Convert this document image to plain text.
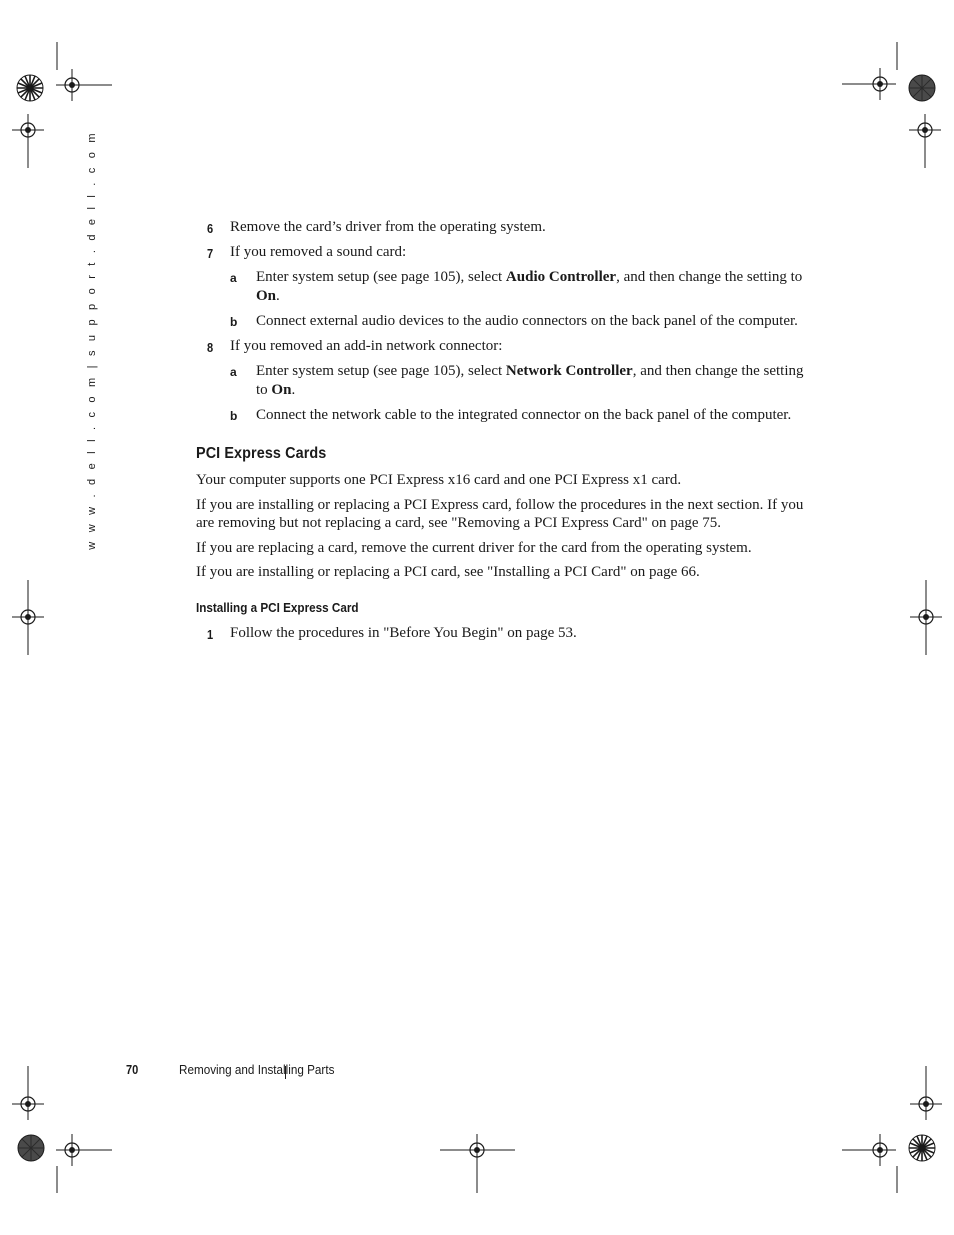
w w w . d e l l . c o m | s u p p o r t . d e l l . c o m	6 Remove the card’s driver from the operating system.
7 If you removed a sound card:
a Enter system setup (see page 105), select Audio Controller, and then change the setting to On.
b Connect external audio devices to the audio connectors on the back panel of the computer.
8 If you removed an add-in network connector:
a Enter system setup (see page 105), select Network Controller, and then change the setting to On.
b Connect the network cable to the integrated connector on the back panel of the computer.
PCI Express Cards

Your computer supports one PCI Express x16 card and one PCI Express x1 card.

If you are installing or replacing a PCI Express card, follow the procedures in the next section. If you are removing but not replacing a card, see "Removing a PCI Express Card" on page 75.

If you are replacing a card, remove the current driver for the card from the operating system.

If you are installing or replacing a PCI card, see "Installing a PCI Card" on page 66.

Installing a PCI Express Card
1 Follow the procedures in "Before You Begin" on page 53.
70	Removing and Installing Parts
